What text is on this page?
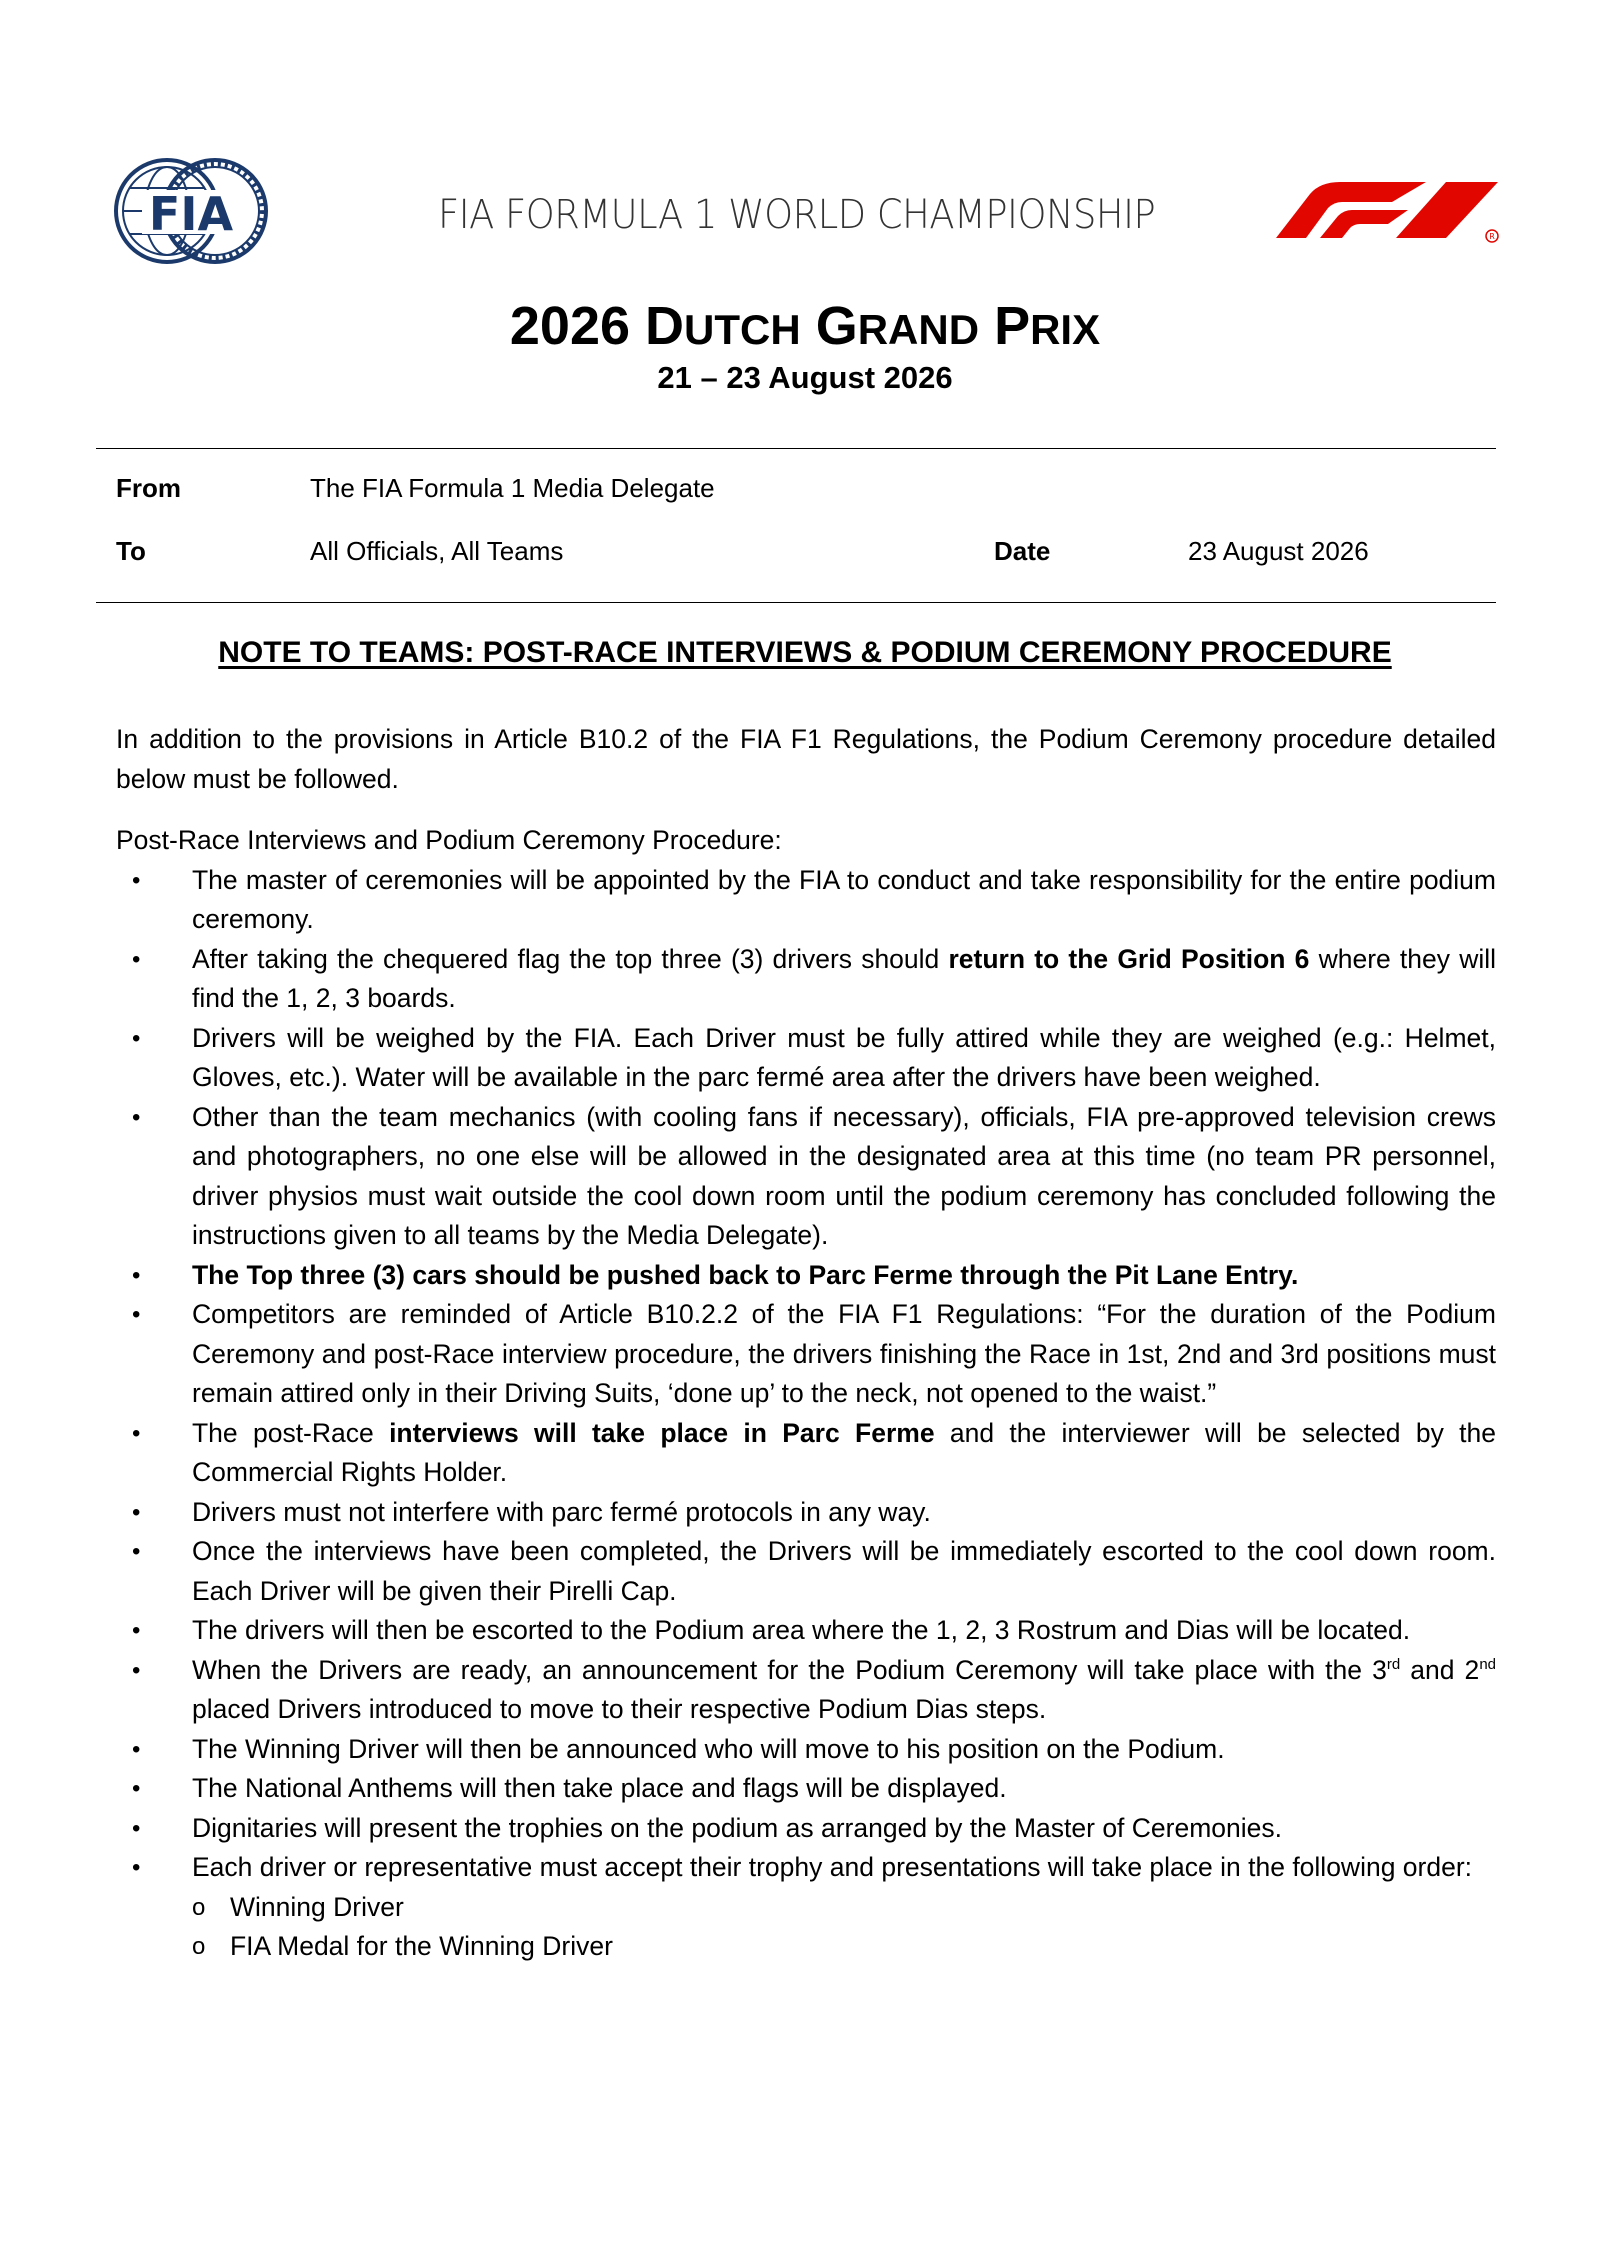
FIA	FIA FORMULA 1 WORLD CHAMPIONSHIP	R
2026 DUTCH GRAND PRIX
21 – 23 August 2026
From	The FIA Formula 1 Media Delegate
To	All Officials, All Teams	Date	23 August 2026
NOTE TO TEAMS: POST-RACE INTERVIEWS & PODIUM CEREMONY PROCEDURE

In addition to the provisions in Article B10.2 of the FIA F1 Regulations, the Podium Ceremony procedure detailed below must be followed.

Post-Race Interviews and Podium Ceremony Procedure:

• The master of ceremonies will be appointed by the FIA to conduct and take responsibility for the entire podium ceremony.
• After taking the chequered flag the top three (3) drivers should return to the Grid Position 6 where they will find the 1, 2, 3 boards.
• Drivers will be weighed by the FIA. Each Driver must be fully attired while they are weighed (e.g.: Helmet, Gloves, etc.). Water will be available in the parc fermé area after the drivers have been weighed.
• Other than the team mechanics (with cooling fans if necessary), officials, FIA pre-approved television crews and photographers, no one else will be allowed in the designated area at this time (no team PR personnel, driver physios must wait outside the cool down room until the podium ceremony has concluded following the instructions given to all teams by the Media Delegate).
• The Top three (3) cars should be pushed back to Parc Ferme through the Pit Lane Entry.
• Competitors are reminded of Article B10.2.2 of the FIA F1 Regulations: “For the duration of the Podium Ceremony and post-Race interview procedure, the drivers finishing the Race in 1st, 2nd and 3rd positions must remain attired only in their Driving Suits, ‘done up’ to the neck, not opened to the waist.”
• The post-Race interviews will take place in Parc Ferme and the interviewer will be selected by the Commercial Rights Holder.
• Drivers must not interfere with parc fermé protocols in any way.
• Once the interviews have been completed, the Drivers will be immediately escorted to the cool down room. Each Driver will be given their Pirelli Cap.
• The drivers will then be escorted to the Podium area where the 1, 2, 3 Rostrum and Dias will be located.
• When the Drivers are ready, an announcement for the Podium Ceremony will take place with the 3rd and 2nd placed Drivers introduced to move to their respective Podium Dias steps.
• The Winning Driver will then be announced who will move to his position on the Podium.
• The National Anthems will then take place and flags will be displayed.
• Dignitaries will present the trophies on the podium as arranged by the Master of Ceremonies.
• Each driver or representative must accept their trophy and presentations will take place in the following order:
o Winning Driver
o FIA Medal for the Winning Driver
